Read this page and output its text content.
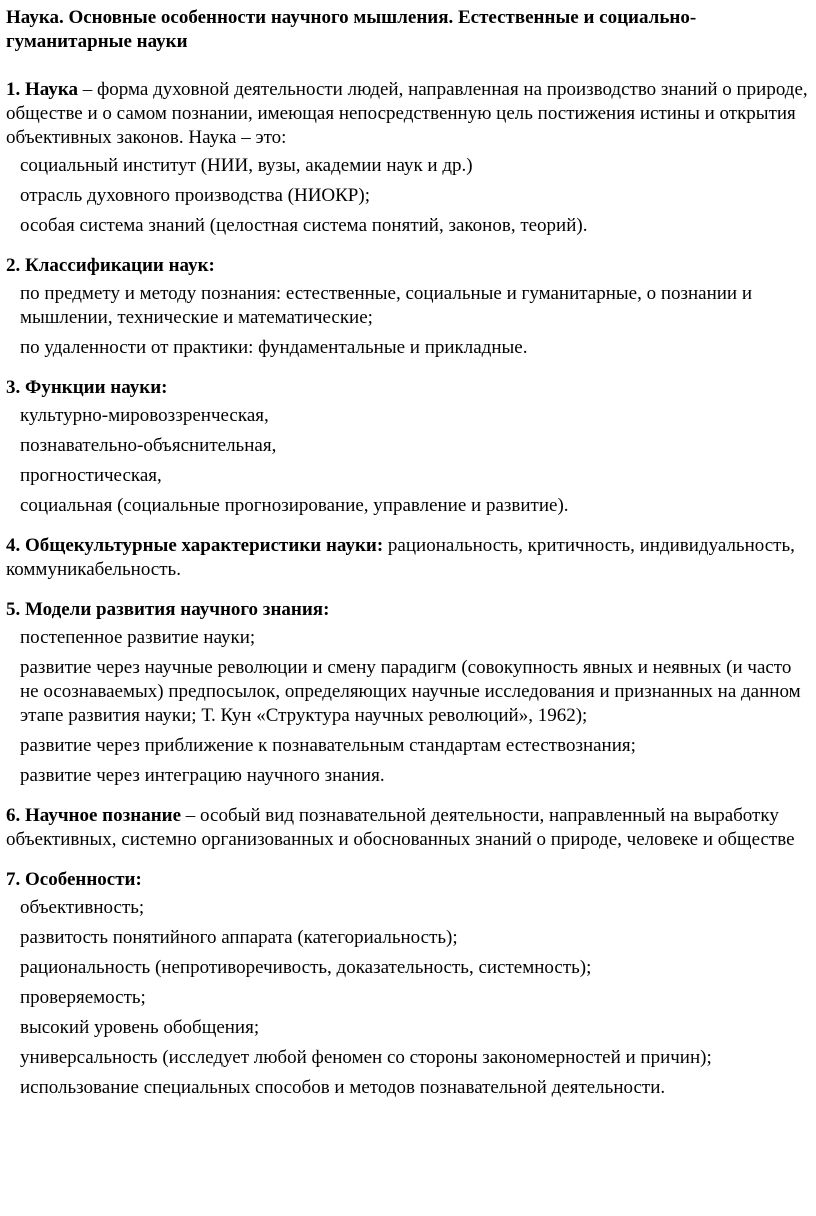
Наука. Основные особенности научного мышления. Естественные и социально-гуманитарные науки

1. Наука – форма духовной деятельности людей, направленная на производство знаний о природе, обществе и о самом познании, имеющая непосредственную цель постижения истины и открытия объективных законов. Наука – это:

социальный институт (НИИ, вузы, академии наук и др.)
отрасль духовного производства (НИОКР);
особая система знаний (целостная система понятий, законов, теорий).

2. Классификации наук:

по предмету и методу познания: естественные, социальные и гуманитарные, о познании и мышлении, технические и математические;
по удаленности от практики: фундаментальные и прикладные.

3. Функции науки:

культурно-мировоззренческая,
познавательно-объяснительная,
прогностическая,
социальная (социальные прогнозирование, управление и развитие).

4. Общекультурные характеристики науки: рациональность, критичность, индивидуальность, коммуникабельность.

5. Модели развития научного знания:

постепенное развитие науки;
развитие через научные революции и смену парадигм (совокупность явных и неявных (и часто не осознаваемых) предпосылок, определяющих научные исследования и признанных на данном этапе развития науки; Т. Кун «Структура научных революций», 1962);
развитие через приближение к познавательным стандартам естествознания;
развитие через интеграцию научного знания.

6. Научное познание – особый вид познавательной деятельности, направленный на выработку объективных, системно организованных и обоснованных знаний о природе, человеке и обществе

7. Особенности:

объективность;
развитость понятийного аппарата (категориальность);
рациональность (непротиворечивость, доказательность, системность);
проверяемость;
высокий уровень обобщения;
универсальность (исследует любой феномен со стороны закономерностей и причин);
использование специальных способов и методов познавательной деятельности.
